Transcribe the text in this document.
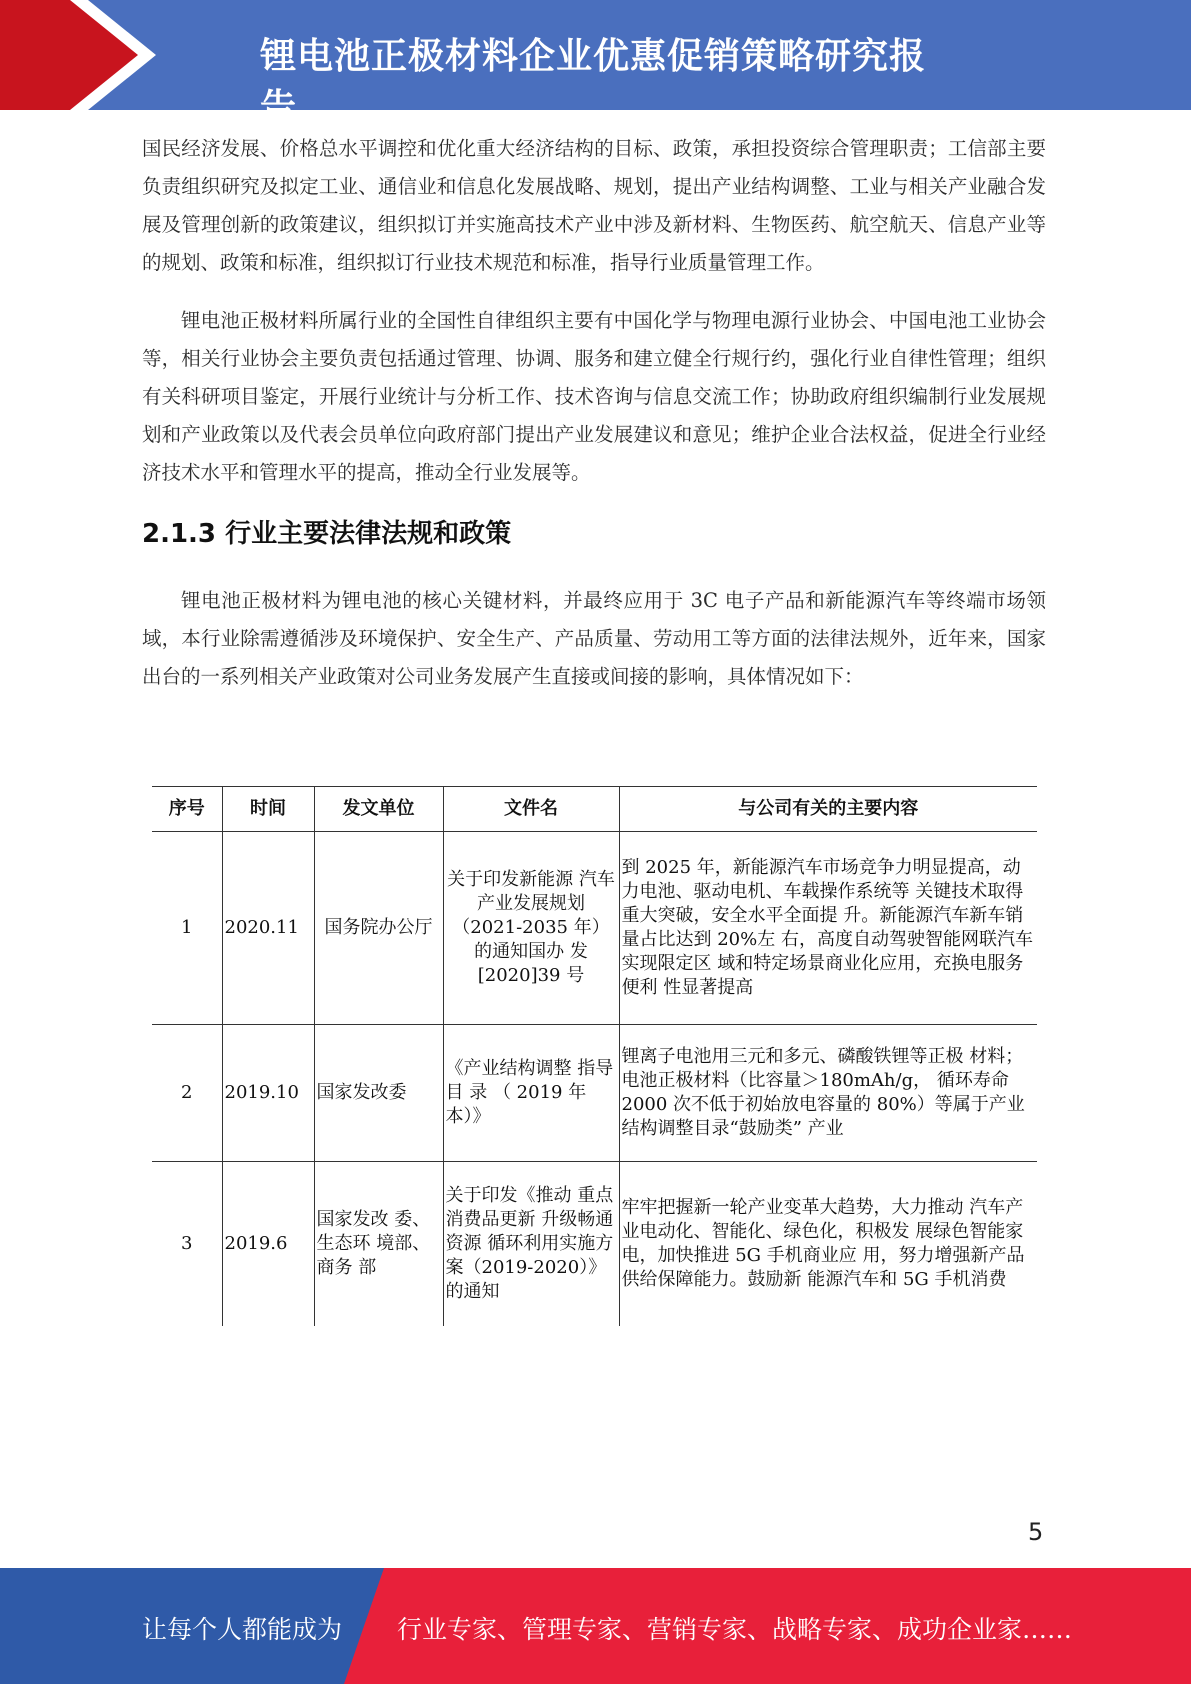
锂电池正极材料企业优惠促销策略研究报告

国民经济发展、价格总水平调控和优化重大经济结构的目标、政策，承担投资综合管理职责；工信部主要负责组织研究及拟定工业、通信业和信息化发展战略、规划，提出产业结构调整、工业与相关产业融合发展及管理创新的政策建议，组织拟订并实施高技术产业中涉及新材料、生物医药、航空航天、信息产业等的规划、政策和标准，组织拟订行业技术规范和标准，指导行业质量管理工作。

锂电池正极材料所属行业的全国性自律组织主要有中国化学与物理电源行业协会、中国电池工业协会等，相关行业协会主要负责包括通过管理、协调、服务和建立健全行规行约，强化行业自律性管理；组织有关科研项目鉴定，开展行业统计与分析工作、技术咨询与信息交流工作；协助政府组织编制行业发展规划和产业政策以及代表会员单位向政府部门提出产业发展建议和意见；维护企业合法权益，促进全行业经济技术水平和管理水平的提高，推动全行业发展等。

2.1.3 行业主要法律法规和政策

锂电池正极材料为锂电池的核心关键材料，并最终应用于 3C 电子产品和新能源汽车等终端市场领域，本行业除需遵循涉及环境保护、安全生产、产品质量、劳动用工等方面的法律法规外，近年来，国家出台的一系列相关产业政策对公司业务发展产生直接或间接的影响，具体情况如下：

序号	时间	发文单位	文件名	与公司有关的主要内容
1	2020.11	国务院办公厅	关于印发新能源 汽车产业发展规划（2021-2035 年）的通知国办 发[2020]39 号	到 2025 年，新能源汽车市场竞争力明显提高，动力电池、驱动电机、车载操作系统等 关键技术取得重大突破，安全水平全面提 升。新能源汽车新车销量占比达到 20%左 右，高度自动驾驶智能网联汽车实现限定区 域和特定场景商业化应用，充换电服务便利 性显著提高
2	2019.10	国家发改委	《产业结构调整 指导 目 录 （ 2019 年本）》	锂离子电池用三元和多元、磷酸铁锂等正极 材料；电池正极材料（比容量＞180mAh/g， 循环寿命 2000 次不低于初始放电容量的 80%）等属于产业结构调整目录“鼓励类” 产业
3	2019.6	国家发改 委、生态环 境部、商务 部	关于印发《推动 重点消费品更新 升级畅通资源 循环利用实施方 案（2019-2020）》 的通知	牢牢把握新一轮产业变革大趋势，大力推动 汽车产业电动化、智能化、绿色化，积极发 展绿色智能家电，加快推进 5G 手机商业应 用，努力增强新产品供给保障能力。鼓励新 能源汽车和 5G 手机消费
5
让每个人都能成为 行业专家、管理专家、营销专家、战略专家、成功企业家……
